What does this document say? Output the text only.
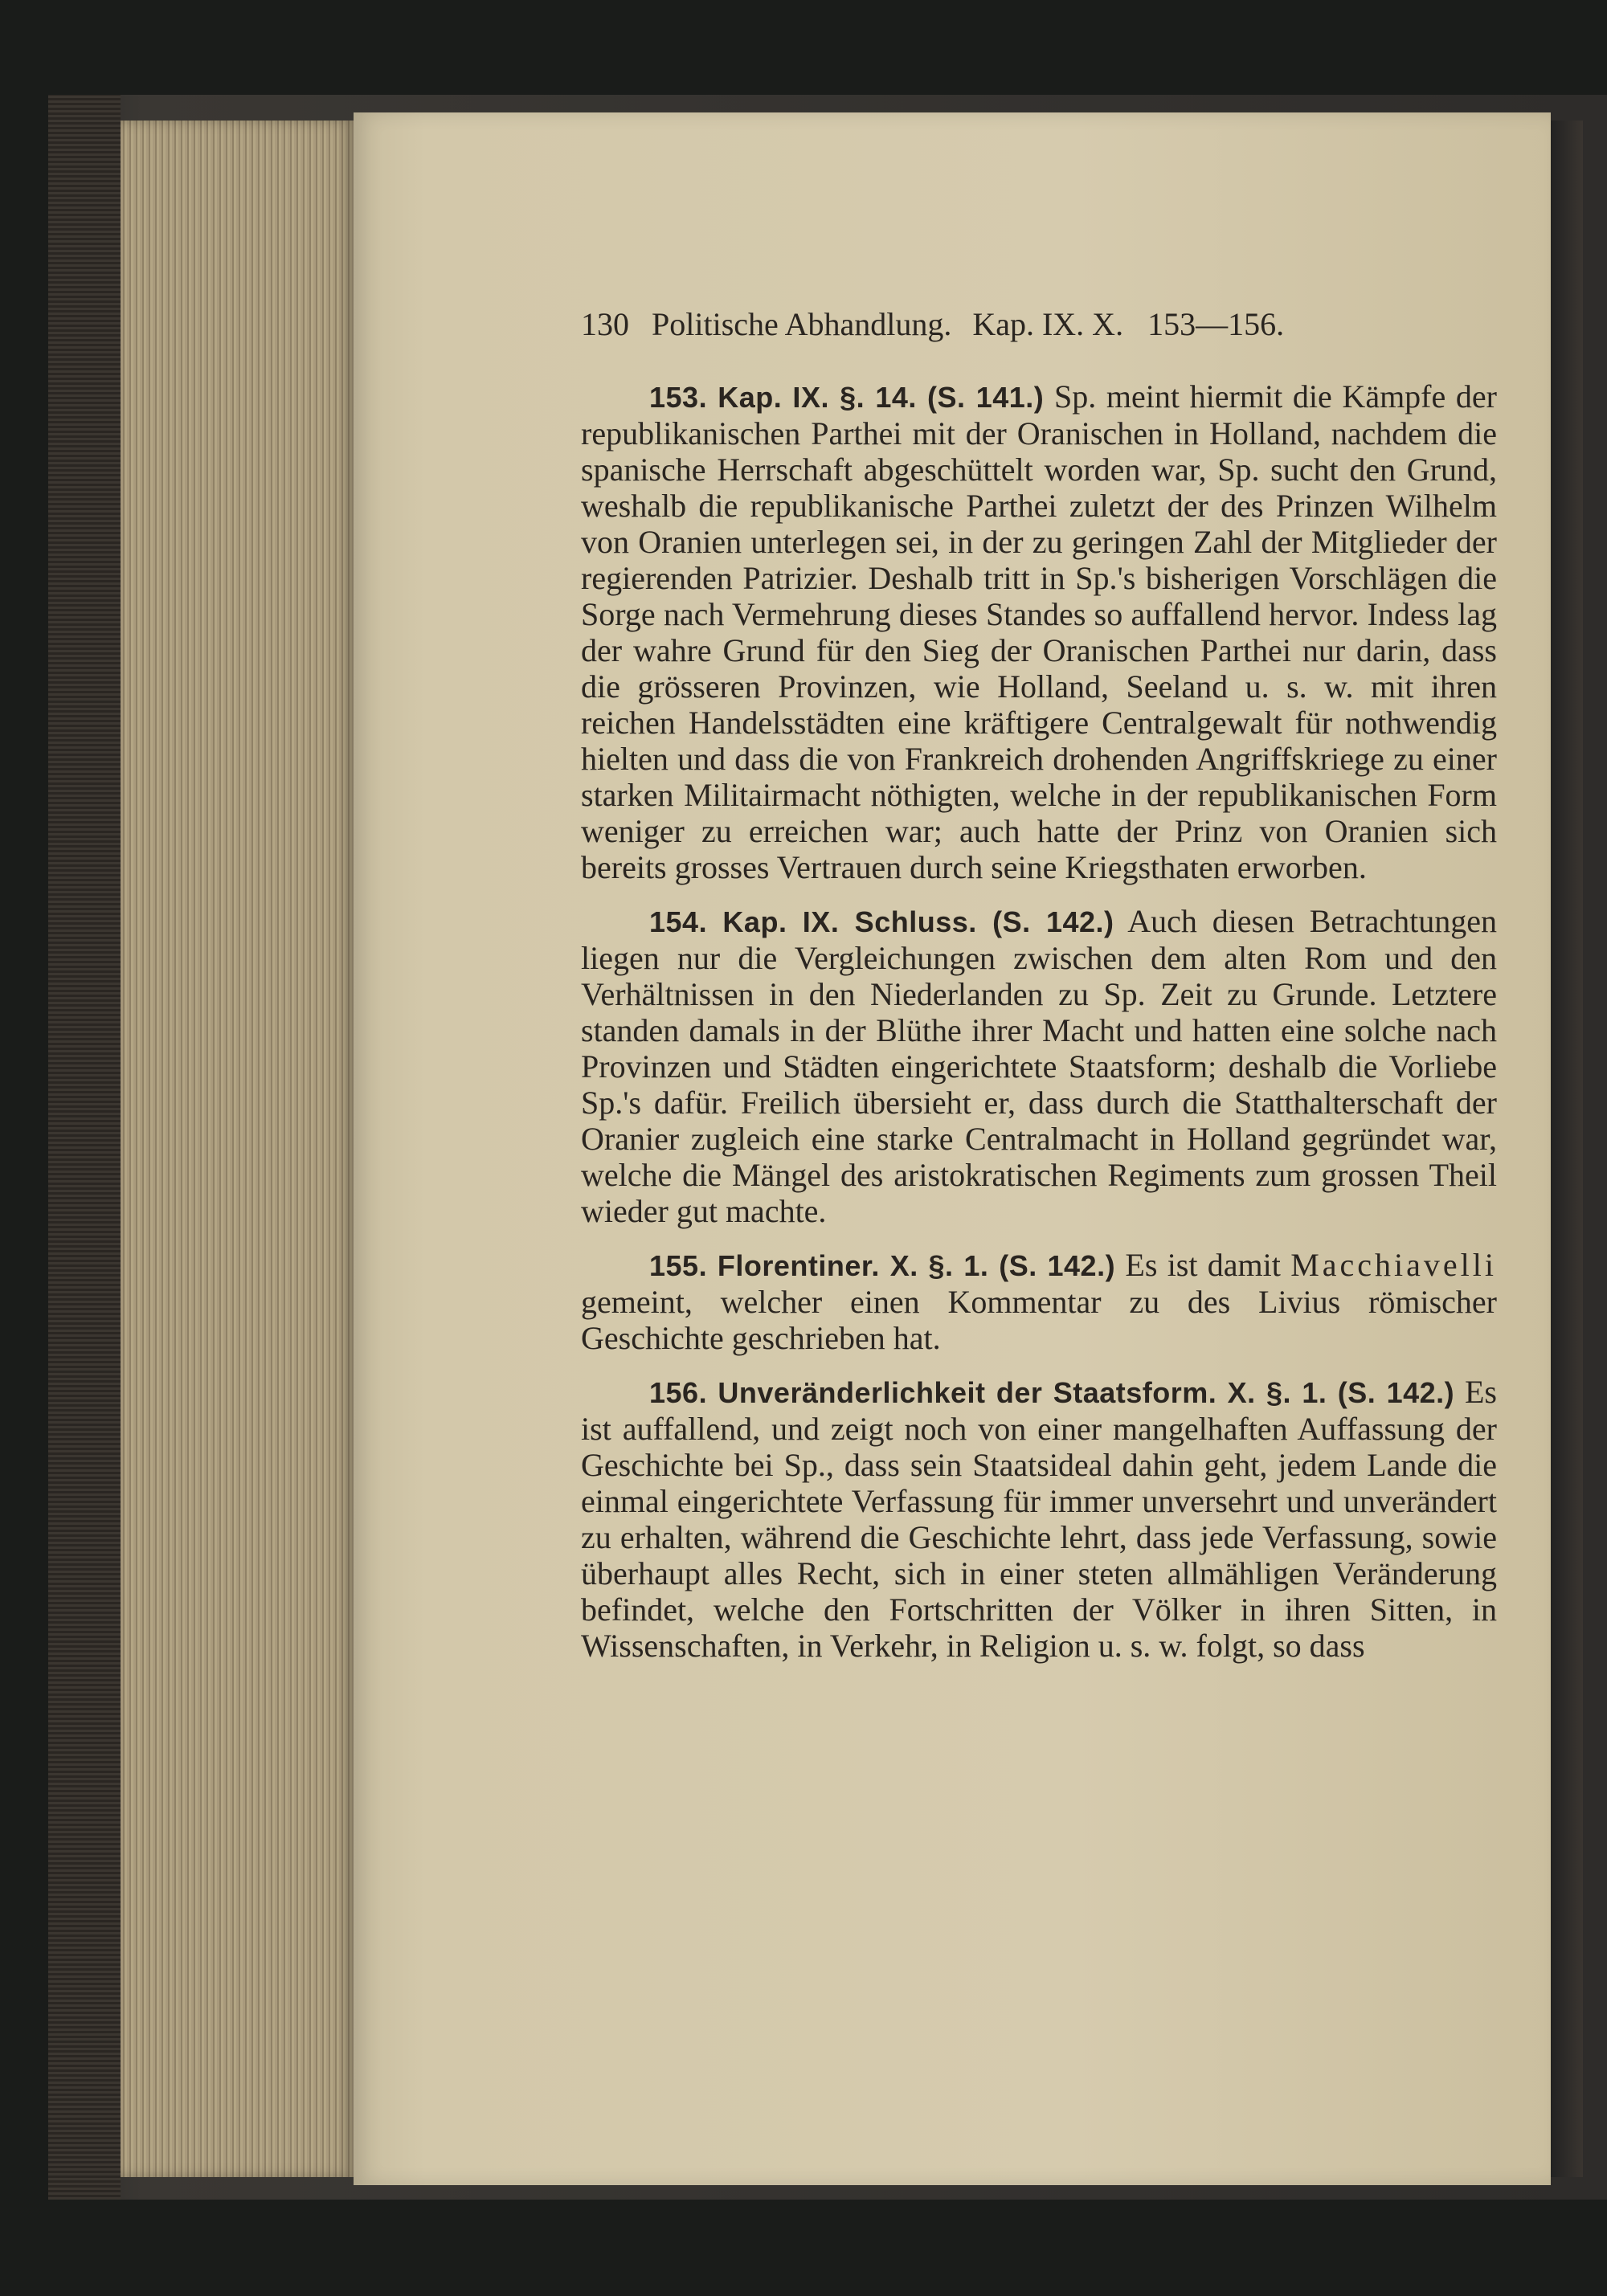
130 Politische Abhandlung. Kap. IX. X. 153—156.

153. Kap. IX. §. 14. (S. 141.) Sp. meint hiermit die Kämpfe der republikanischen Parthei mit der Oranischen in Holland, nachdem die spanische Herrschaft abgeschüttelt worden war, Sp. sucht den Grund, weshalb die republikanische Parthei zuletzt der des Prinzen Wilhelm von Oranien unterlegen sei, in der zu geringen Zahl der Mitglieder der regierenden Patrizier. Deshalb tritt in Sp.'s bisherigen Vorschlägen die Sorge nach Vermehrung dieses Standes so auffallend hervor. Indess lag der wahre Grund für den Sieg der Oranischen Parthei nur darin, dass die grösseren Provinzen, wie Holland, Seeland u. s. w. mit ihren reichen Handelsstädten eine kräftigere Centralgewalt für nothwendig hielten und dass die von Frankreich drohenden Angriffskriege zu einer starken Militairmacht nöthigten, welche in der republikanischen Form weniger zu erreichen war; auch hatte der Prinz von Oranien sich bereits grosses Vertrauen durch seine Kriegsthaten erworben.

154. Kap. IX. Schluss. (S. 142.) Auch diesen Betrachtungen liegen nur die Vergleichungen zwischen dem alten Rom und den Verhältnissen in den Niederlanden zu Sp. Zeit zu Grunde. Letztere standen damals in der Blüthe ihrer Macht und hatten eine solche nach Provinzen und Städten eingerichtete Staatsform; deshalb die Vorliebe Sp.'s dafür. Freilich übersieht er, dass durch die Statthalterschaft der Oranier zugleich eine starke Centralmacht in Holland gegründet war, welche die Mängel des aristokratischen Regiments zum grossen Theil wieder gut machte.

155. Florentiner. X. §. 1. (S. 142.) Es ist damit Macchiavelli gemeint, welcher einen Kommentar zu des Livius römischer Geschichte geschrieben hat.

156. Unveränderlichkeit der Staatsform. X. §. 1. (S. 142.) Es ist auffallend, und zeigt noch von einer mangelhaften Auffassung der Geschichte bei Sp., dass sein Staatsideal dahin geht, jedem Lande die einmal eingerichtete Verfassung für immer unversehrt und unverändert zu erhalten, während die Geschichte lehrt, dass jede Verfassung, sowie überhaupt alles Recht, sich in einer steten allmähligen Veränderung befindet, welche den Fortschritten der Völker in ihren Sitten, in Wissenschaften, in Verkehr, in Religion u. s. w. folgt, so dass
